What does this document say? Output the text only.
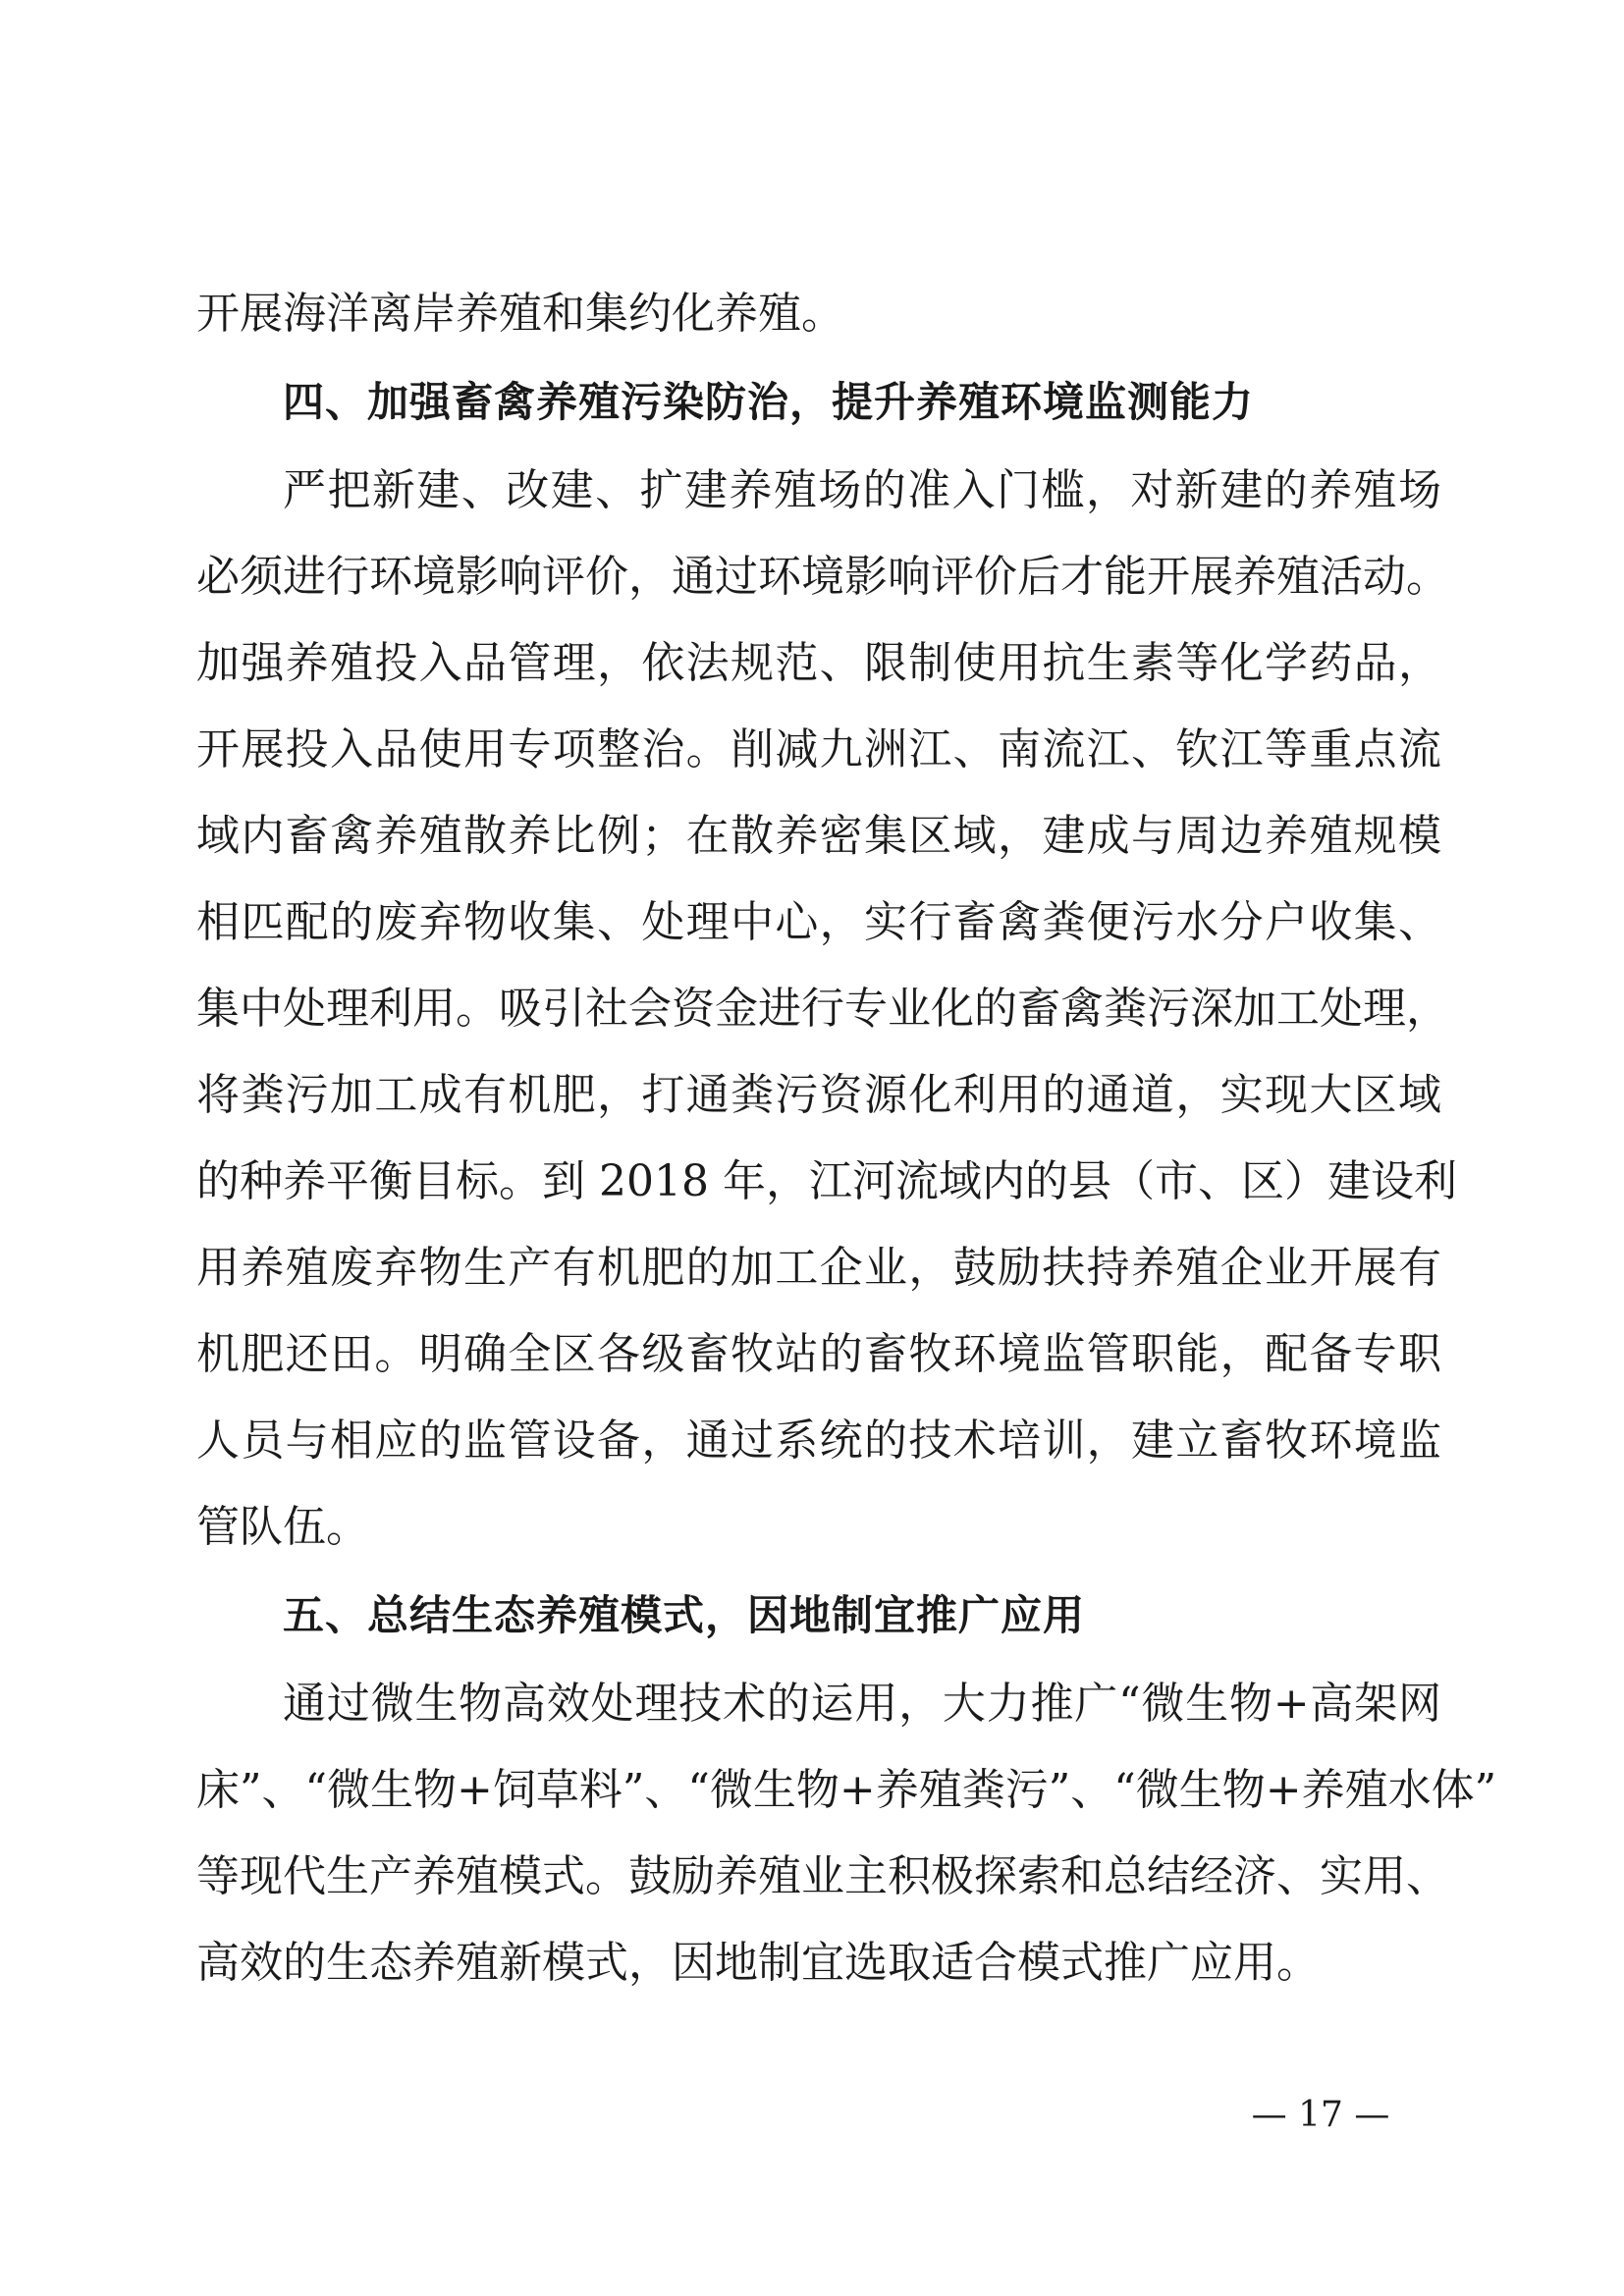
开展海洋离岸养殖和集约化养殖。
四、加强畜禽养殖污染防治，提升养殖环境监测能力
严把新建、改建、扩建养殖场的准入门槛，对新建的养殖场
必须进行环境影响评价，通过环境影响评价后才能开展养殖活动。
加强养殖投入品管理，依法规范、限制使用抗生素等化学药品，
开展投入品使用专项整治。削减九洲江、南流江、钦江等重点流
域内畜禽养殖散养比例；在散养密集区域，建成与周边养殖规模
相匹配的废弃物收集、处理中心，实行畜禽粪便污水分户收集、
集中处理利用。吸引社会资金进行专业化的畜禽粪污深加工处理，
将粪污加工成有机肥，打通粪污资源化利用的通道，实现大区域
的种养平衡目标。到 2018 年，江河流域内的县（市、区）建设利
用养殖废弃物生产有机肥的加工企业，鼓励扶持养殖企业开展有
机肥还田。明确全区各级畜牧站的畜牧环境监管职能，配备专职
人员与相应的监管设备，通过系统的技术培训，建立畜牧环境监
管队伍。
五、总结生态养殖模式，因地制宜推广应用
通过微生物高效处理技术的运用，大力推广“微生物+高架网
床”、“微生物+饲草料”、“微生物+养殖粪污”、“微生物+养殖水体”
等现代生产养殖模式。鼓励养殖业主积极探索和总结经济、实用、
高效的生态养殖新模式，因地制宜选取适合模式推广应用。
— 17 —
